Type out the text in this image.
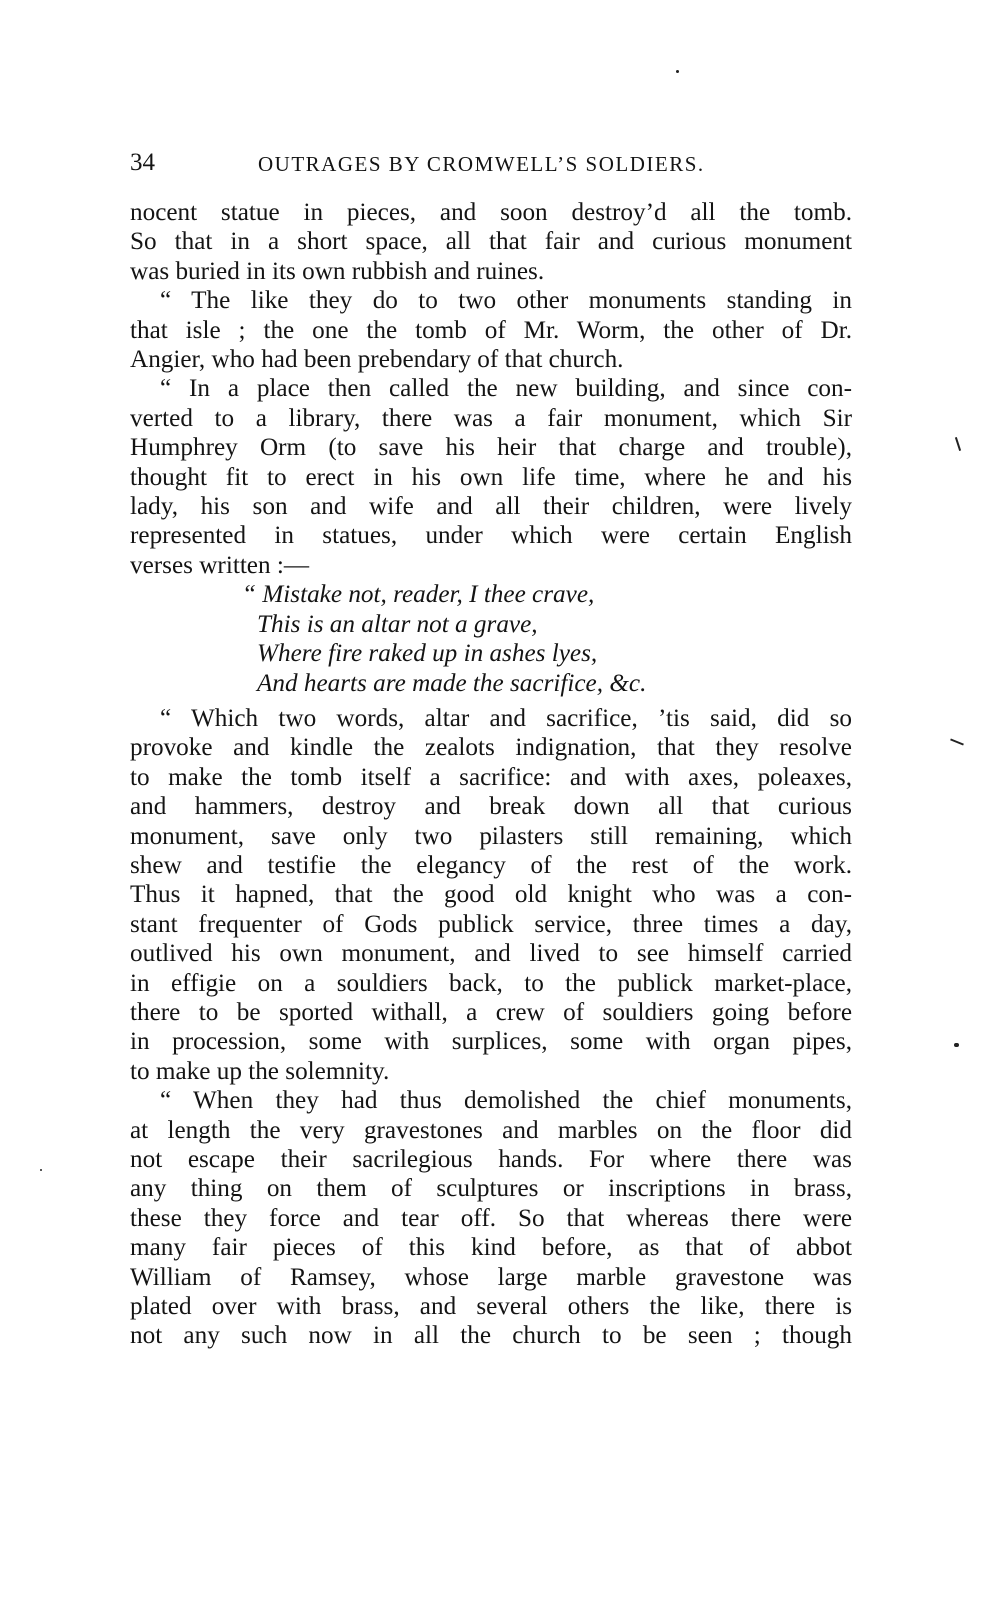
34	OUTRAGES BY CROMWELL’S SOLDIERS.

nocent statue in pieces, and soon destroy’d all the tomb.
So that in a short space, all that fair and curious monument
was buried in its own rubbish and ruines.

“ The like they do to two other monuments standing in
that isle ; the one the tomb of Mr. Worm, the other of Dr.
Angier, who had been prebendary of that church.

“ In a place then called the new building, and since con-
verted to a library, there was a fair monument, which Sir
Humphrey Orm (to save his heir that charge and trouble),
thought fit to erect in his own life time, where he and his
lady, his son and wife and all their children, were lively
represented in statues, under which were certain English
verses written :—

“ Mistake not, reader, I thee crave,
This is an altar not a grave,
Where fire raked up in ashes lyes,
And hearts are made the sacrifice, &c.

“ Which two words, altar and sacrifice, ’tis said, did so
provoke and kindle the zealots indignation, that they resolve
to make the tomb itself a sacrifice: and with axes, poleaxes,
and hammers, destroy and break down all that curious
monument, save only two pilasters still remaining, which
shew and testifie the elegancy of the rest of the work.
Thus it hapned, that the good old knight who was a con-
stant frequenter of Gods publick service, three times a day,
outlived his own monument, and lived to see himself carried
in effigie on a souldiers back, to the publick market-place,
there to be sported withall, a crew of souldiers going before
in procession, some with surplices, some with organ pipes,
to make up the solemnity.

“ When they had thus demolished the chief monuments,
at length the very gravestones and marbles on the floor did
not escape their sacrilegious hands. For where there was
any thing on them of sculptures or inscriptions in brass,
these they force and tear off. So that whereas there were
many fair pieces of this kind before, as that of abbot
William of Ramsey, whose large marble gravestone was
plated over with brass, and several others the like, there is
not any such now in all the church to be seen ; though
